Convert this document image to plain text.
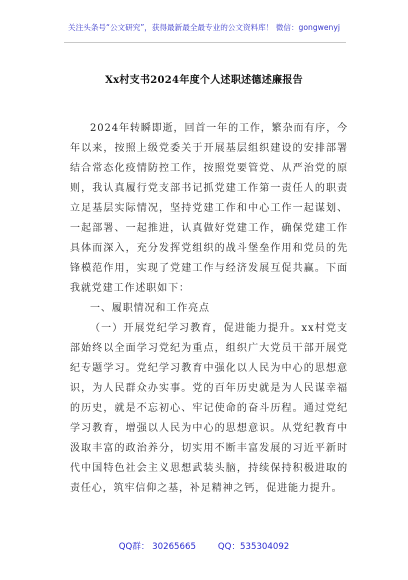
关注头条号“公文研究”，获得最新最全最专业的公文资料库！ 微信：gongwenyj
Xx村支书2024年度个人述职述德述廉报告

2024年转瞬即逝，回首一年的工作，繁杂而有序，今年以来，按照上级党委关于开展基层组织建设的安排部署结合常态化疫情防控工作，按照党要管党、从严治党的原则，我认真履行党支部书记抓党建工作第一责任人的职责立足基层实际情况，坚持党建工作和中心工作一起谋划、一起部署、一起推进，认真做好党建工作，确保党建工作具体而深入，充分发挥党组织的战斗堡垒作用和党员的先锋模范作用，实现了党建工作与经济发展互促共赢。下面我就党建工作述职如下：

一、履职情况和工作亮点

（一）开展党纪学习教育，促进能力提升。xx村党支部始终以全面学习党纪为重点，组织广大党员干部开展党纪专题学习。党纪学习教育中强化以人民为中心的思想意识，为人民群众办实事。党的百年历史就是为人民谋幸福的历史，就是不忘初心、牢记使命的奋斗历程。通过党纪学习教育，增强以人民为中心的思想意识。从党纪教育中汲取丰富的政治养分，切实用不断丰富发展的习近平新时代中国特色社会主义思想武装头脑，持续保持积极进取的责任心，筑牢信仰之基，补足精神之钙，促进能力提升。

QQ群： 30265665	QQ：535304092
